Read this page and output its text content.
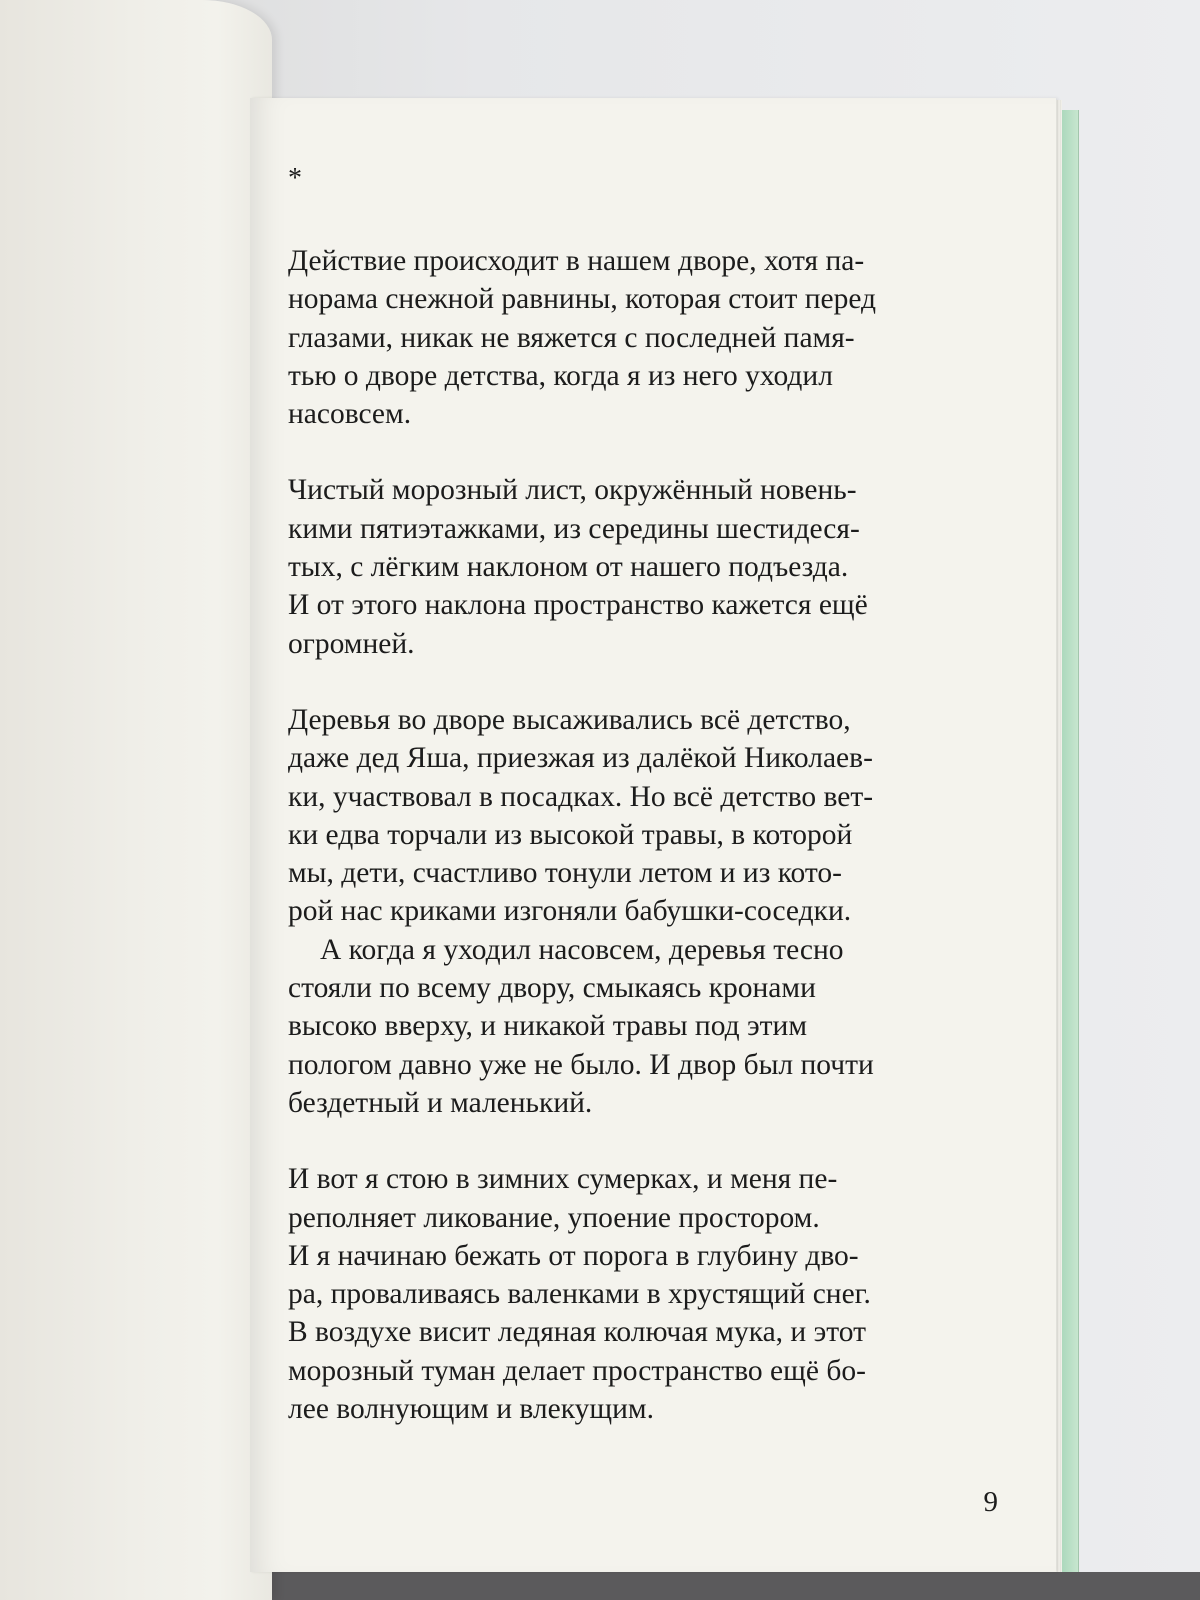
*

Действие происходит в нашем дворе, хотя па-
норама снежной равнины, которая стоит перед
глазами, никак не вяжется с последней памя-
тью о дворе детства, когда я из него уходил
насовсем.

Чистый морозный лист, окружённый новень-
кими пятиэтажками, из середины шестидеся-
тых, с лёгким наклоном от нашего подъезда.
И от этого наклона пространство кажется ещё
огромней.

Деревья во дворе высаживались всё детство,
даже дед Яша, приезжая из далёкой Николаев-
ки, участвовал в посадках. Но всё детство вет-
ки едва торчали из высокой травы, в которой
мы, дети, счастливо тонули летом и из кото-
рой нас криками изгоняли бабушки-соседки.

А когда я уходил насовсем, деревья тесно
стояли по всему двору, смыкаясь кронами
высоко вверху, и никакой травы под этим
пологом давно уже не было. И двор был почти
бездетный и маленький.

И вот я стою в зимних сумерках, и меня пе-
реполняет ликование, упоение простором.
И я начинаю бежать от порога в глубину дво-
ра, проваливаясь валенками в хрустящий снег.
В воздухе висит ледяная колючая мука, и этот
морозный туман делает пространство ещё бо-
лее волнующим и влекущим.

9
